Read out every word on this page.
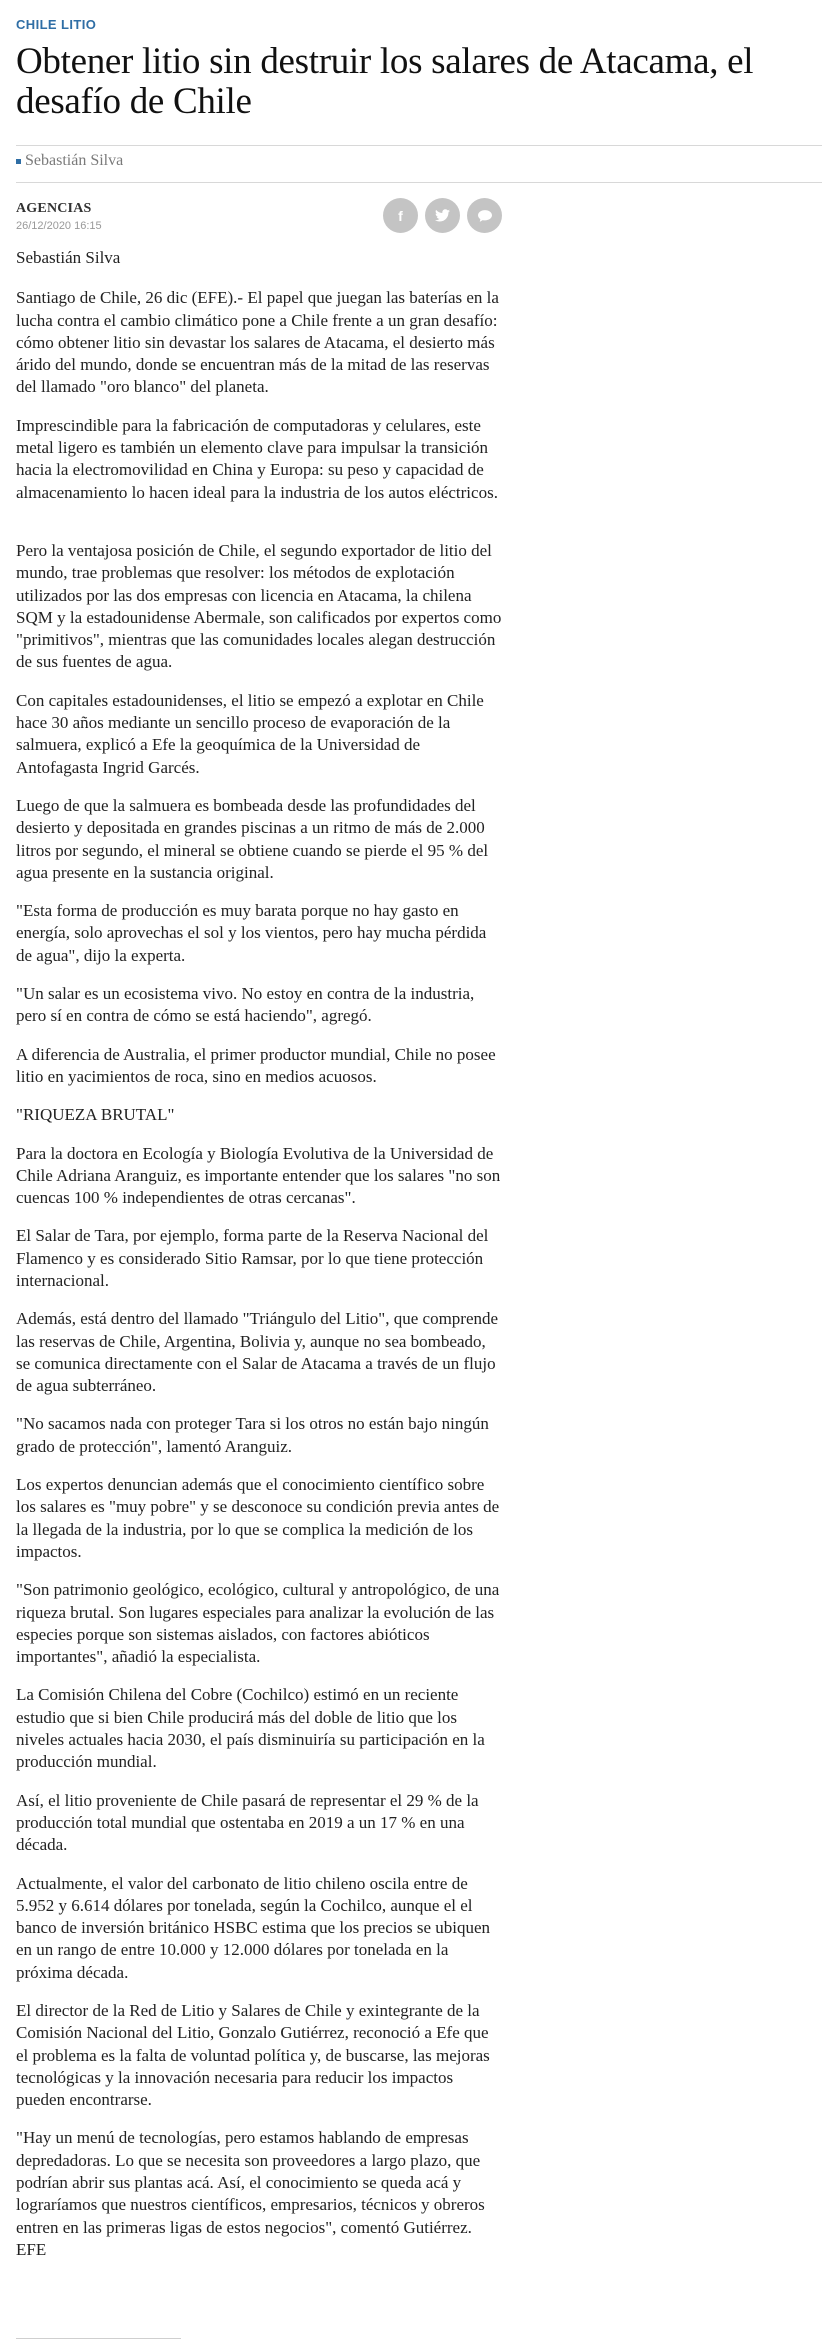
CHILE LITIO
Obtener litio sin destruir los salares de Atacama, el desafío de Chile
Sebastián Silva
AGENCIAS
26/12/2020 16:15
f

Sebastián Silva

Santiago de Chile, 26 dic (EFE).- El papel que juegan las baterías en la lucha contra el cambio climático pone a Chile frente a un gran desafío: cómo obtener litio sin devastar los salares de Atacama, el desierto más árido del mundo, donde se encuentran más de la mitad de las reservas del llamado "oro blanco" del planeta.

Imprescindible para la fabricación de computadoras y celulares, este metal ligero es también un elemento clave para impulsar la transición hacia la electromovilidad en China y Europa: su peso y capacidad de almacenamiento lo hacen ideal para la industria de los autos eléctricos.

Pero la ventajosa posición de Chile, el segundo exportador de litio del mundo, trae problemas que resolver: los métodos de explotación utilizados por las dos empresas con licencia en Atacama, la chilena SQM y la estadounidense Abermale, son calificados por expertos como "primitivos", mientras que las comunidades locales alegan destrucción de sus fuentes de agua.

Con capitales estadounidenses, el litio se empezó a explotar en Chile hace 30 años mediante un sencillo proceso de evaporación de la salmuera, explicó a Efe la geoquímica de la Universidad de Antofagasta Ingrid Garcés.

Luego de que la salmuera es bombeada desde las profundidades del desierto y depositada en grandes piscinas a un ritmo de más de 2.000 litros por segundo, el mineral se obtiene cuando se pierde el 95 % del agua presente en la sustancia original.

"Esta forma de producción es muy barata porque no hay gasto en energía, solo aprovechas el sol y los vientos, pero hay mucha pérdida de agua", dijo la experta.

"Un salar es un ecosistema vivo. No estoy en contra de la industria, pero sí en contra de cómo se está haciendo", agregó.

A diferencia de Australia, el primer productor mundial, Chile no posee litio en yacimientos de roca, sino en medios acuosos.

"RIQUEZA BRUTAL"

Para la doctora en Ecología y Biología Evolutiva de la Universidad de Chile Adriana Aranguiz, es importante entender que los salares "no son cuencas 100 % independientes de otras cercanas".

El Salar de Tara, por ejemplo, forma parte de la Reserva Nacional del Flamenco y es considerado Sitio Ramsar, por lo que tiene protección internacional.

Además, está dentro del llamado "Triángulo del Litio", que comprende las reservas de Chile, Argentina, Bolivia y, aunque no sea bombeado, se comunica directamente con el Salar de Atacama a través de un flujo de agua subterráneo.

"No sacamos nada con proteger Tara si los otros no están bajo ningún grado de protección", lamentó Aranguiz.

Los expertos denuncian además que el conocimiento científico sobre los salares es "muy pobre" y se desconoce su condición previa antes de la llegada de la industria, por lo que se complica la medición de los impactos.

"Son patrimonio geológico, ecológico, cultural y antropológico, de una riqueza brutal. Son lugares especiales para analizar la evolución de las especies porque son sistemas aislados, con factores abióticos importantes", añadió la especialista.

La Comisión Chilena del Cobre (Cochilco) estimó en un reciente estudio que si bien Chile producirá más del doble de litio que los niveles actuales hacia 2030, el país disminuiría su participación en la producción mundial.

Así, el litio proveniente de Chile pasará de representar el 29 % de la producción total mundial que ostentaba en 2019 a un 17 % en una década.

Actualmente, el valor del carbonato de litio chileno oscila entre de 5.952 y 6.614 dólares por tonelada, según la Cochilco, aunque el el banco de inversión británico HSBC estima que los precios se ubiquen en un rango de entre 10.000 y 12.000 dólares por tonelada en la próxima década.

El director de la Red de Litio y Salares de Chile y exintegrante de la Comisión Nacional del Litio, Gonzalo Gutiérrez, reconoció a Efe que el problema es la falta de voluntad política y, de buscarse, las mejoras tecnológicas y la innovación necesaria para reducir los impactos pueden encontrarse.

"Hay un menú de tecnologías, pero estamos hablando de empresas depredadoras. Lo que se necesita son proveedores a largo plazo, que podrían abrir sus plantas acá. Así, el conocimiento se queda acá y lograríamos que nuestros científicos, empresarios, técnicos y obreros entren en las primeras ligas de estos negocios", comentó Gutiérrez. EFE
